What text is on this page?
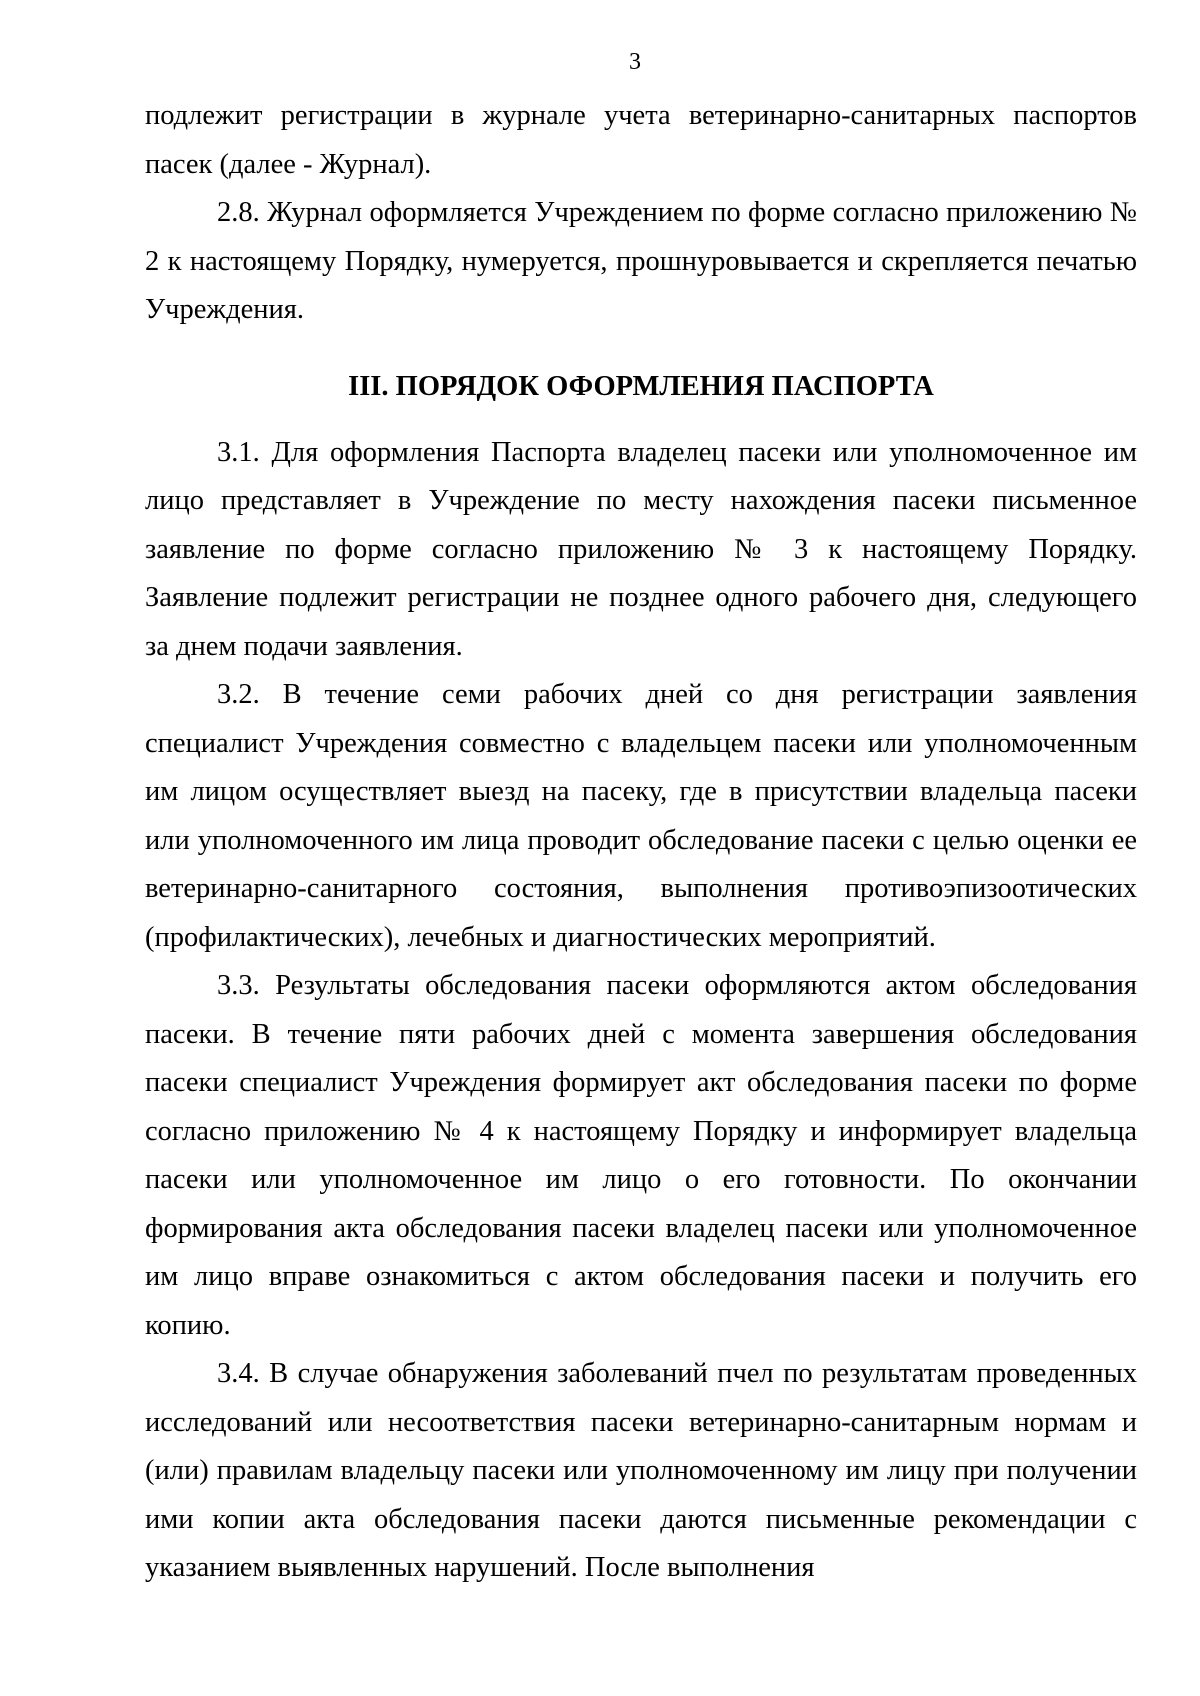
3

подлежит регистрации в журнале учета ветеринарно-санитарных паспортов пасек (далее - Журнал).

2.8. Журнал оформляется Учреждением по форме согласно приложению № 2 к настоящему Порядку, нумеруется, прошнуровывается и скрепляется печатью Учреждения.

III. ПОРЯДОК ОФОРМЛЕНИЯ ПАСПОРТА

3.1. Для оформления Паспорта владелец пасеки или уполномоченное им лицо представляет в Учреждение по месту нахождения пасеки письменное заявление по форме согласно приложению № 3 к настоящему Порядку. Заявление подлежит регистрации не позднее одного рабочего дня, следующего за днем подачи заявления.

3.2. В течение семи рабочих дней со дня регистрации заявления специалист Учреждения совместно с владельцем пасеки или уполномоченным им лицом осуществляет выезд на пасеку, где в присутствии владельца пасеки или уполномоченного им лица проводит обследование пасеки с целью оценки ее ветеринарно-санитарного состояния, выполнения противоэпизоотических (профилактических), лечебных и диагностических мероприятий.

3.3. Результаты обследования пасеки оформляются актом обследования пасеки. В течение пяти рабочих дней с момента завершения обследования пасеки специалист Учреждения формирует акт обследования пасеки по форме согласно приложению № 4 к настоящему Порядку и информирует владельца пасеки или уполномоченное им лицо о его готовности. По окончании формирования акта обследования пасеки владелец пасеки или уполномоченное им лицо вправе ознакомиться с актом обследования пасеки и получить его копию.

3.4. В случае обнаружения заболеваний пчел по результатам проведенных исследований или несоответствия пасеки ветеринарно-санитарным нормам и (или) правилам владельцу пасеки или уполномоченному им лицу при получении ими копии акта обследования пасеки даются письменные рекомендации с указанием выявленных нарушений. После выполнения
